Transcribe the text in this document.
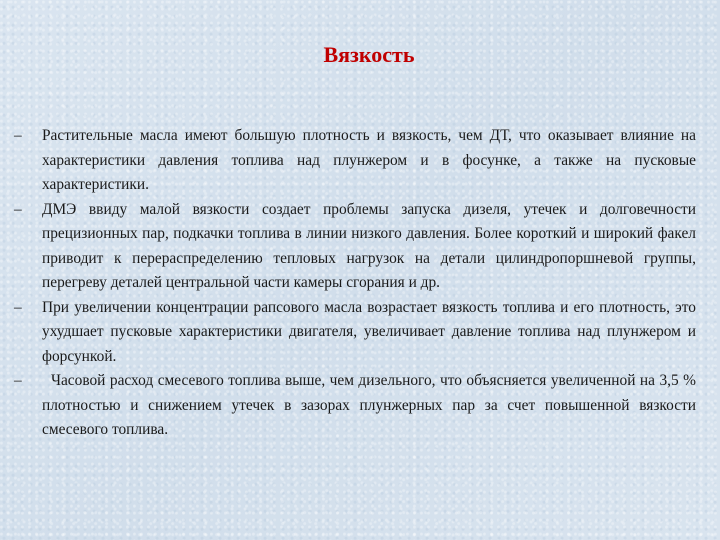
Вязкость
–	Растительные масла имеют большую плотность и вязкость, чем ДТ, что оказывает влияние на характеристики давления топлива над плунжером и в фосунке, а также на пусковые характеристики.
–	ДМЭ ввиду малой вязкости создает проблемы запуска дизеля, утечек и долговечности прецизионных пар, подкачки топлива в линии низкого давления. Более короткий и широкий факел приводит к перераспределению тепловых нагрузок на детали цилиндропоршневой группы, перегреву деталей центральной части камеры сгорания и др.
–	При увеличении концентрации рапсового масла возрастает вязкость топлива и его плотность, это ухудшает пусковые характеристики двигателя, увеличивает давление топлива над плунжером и форсункой.
–	Часовой расход смесевого топлива выше, чем дизельного, что объясняется увеличенной на 3,5 % плотностью и снижением утечек в зазорах плунжерных пар за счет повышенной вязкости смесевого топлива.
